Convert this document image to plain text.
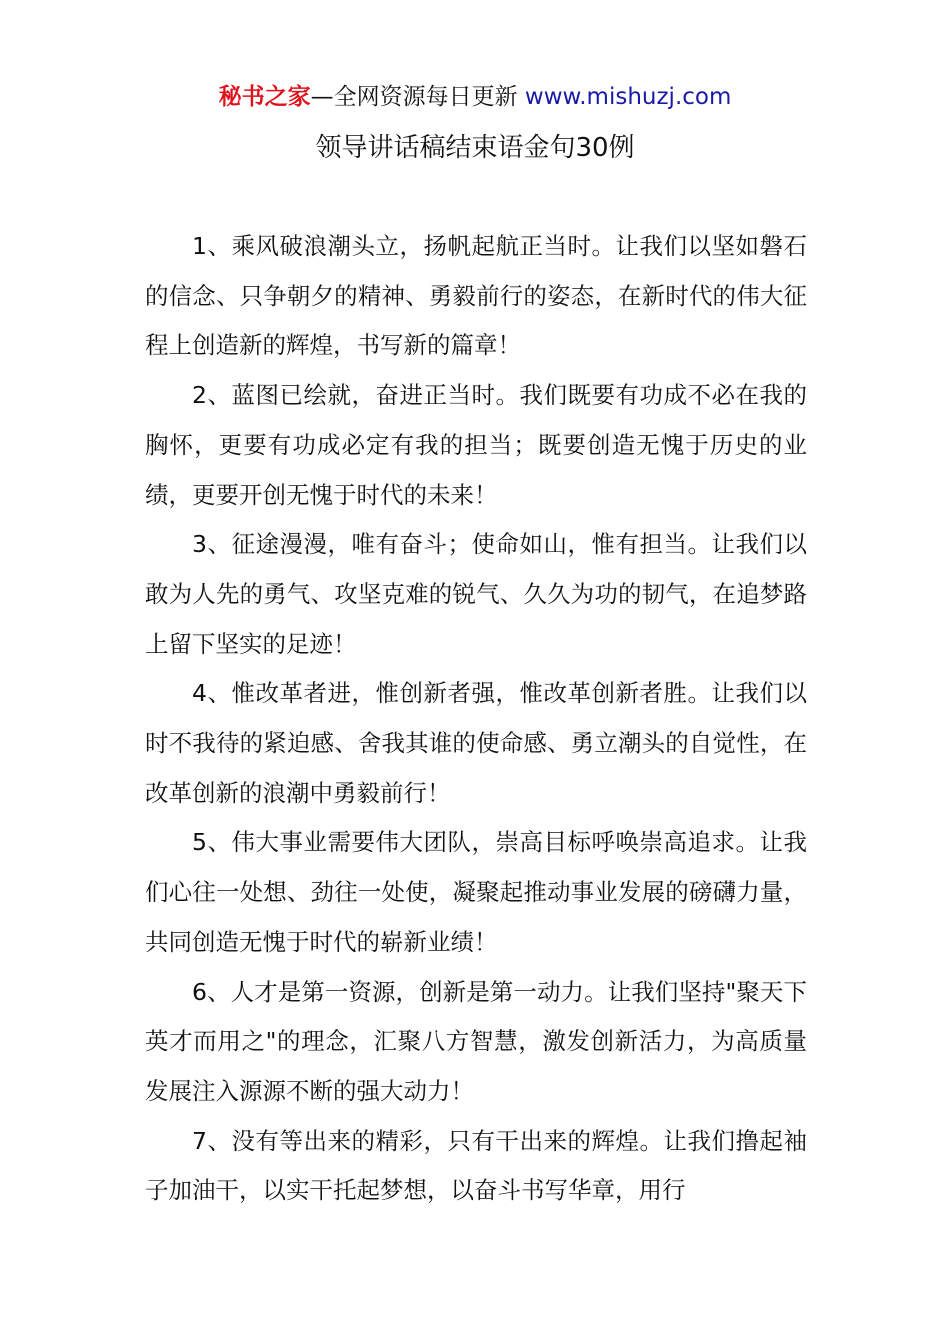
秘书之家—全网资源每日更新 www.mishuzj.com
领导讲话稿结束语金句30例

1、乘风破浪潮头立，扬帆起航正当时。让我们以坚如磐石的信念、只争朝夕的精神、勇毅前行的姿态，在新时代的伟大征程上创造新的辉煌，书写新的篇章！

2、蓝图已绘就，奋进正当时。我们既要有功成不必在我的胸怀，更要有功成必定有我的担当；既要创造无愧于历史的业绩，更要开创无愧于时代的未来！

3、征途漫漫，唯有奋斗；使命如山，惟有担当。让我们以敢为人先的勇气、攻坚克难的锐气、久久为功的韧气，在追梦路上留下坚实的足迹！

4、惟改革者进，惟创新者强，惟改革创新者胜。让我们以时不我待的紧迫感、舍我其谁的使命感、勇立潮头的自觉性，在改革创新的浪潮中勇毅前行！

5、伟大事业需要伟大团队，崇高目标呼唤崇高追求。让我们心往一处想、劲往一处使，凝聚起推动事业发展的磅礴力量，共同创造无愧于时代的崭新业绩！

6、人才是第一资源，创新是第一动力。让我们坚持"聚天下英才而用之"的理念，汇聚八方智慧，激发创新活力，为高质量发展注入源源不断的强大动力！

7、没有等出来的精彩，只有干出来的辉煌。让我们撸起袖子加油干，以实干托起梦想，以奋斗书写华章，用行
